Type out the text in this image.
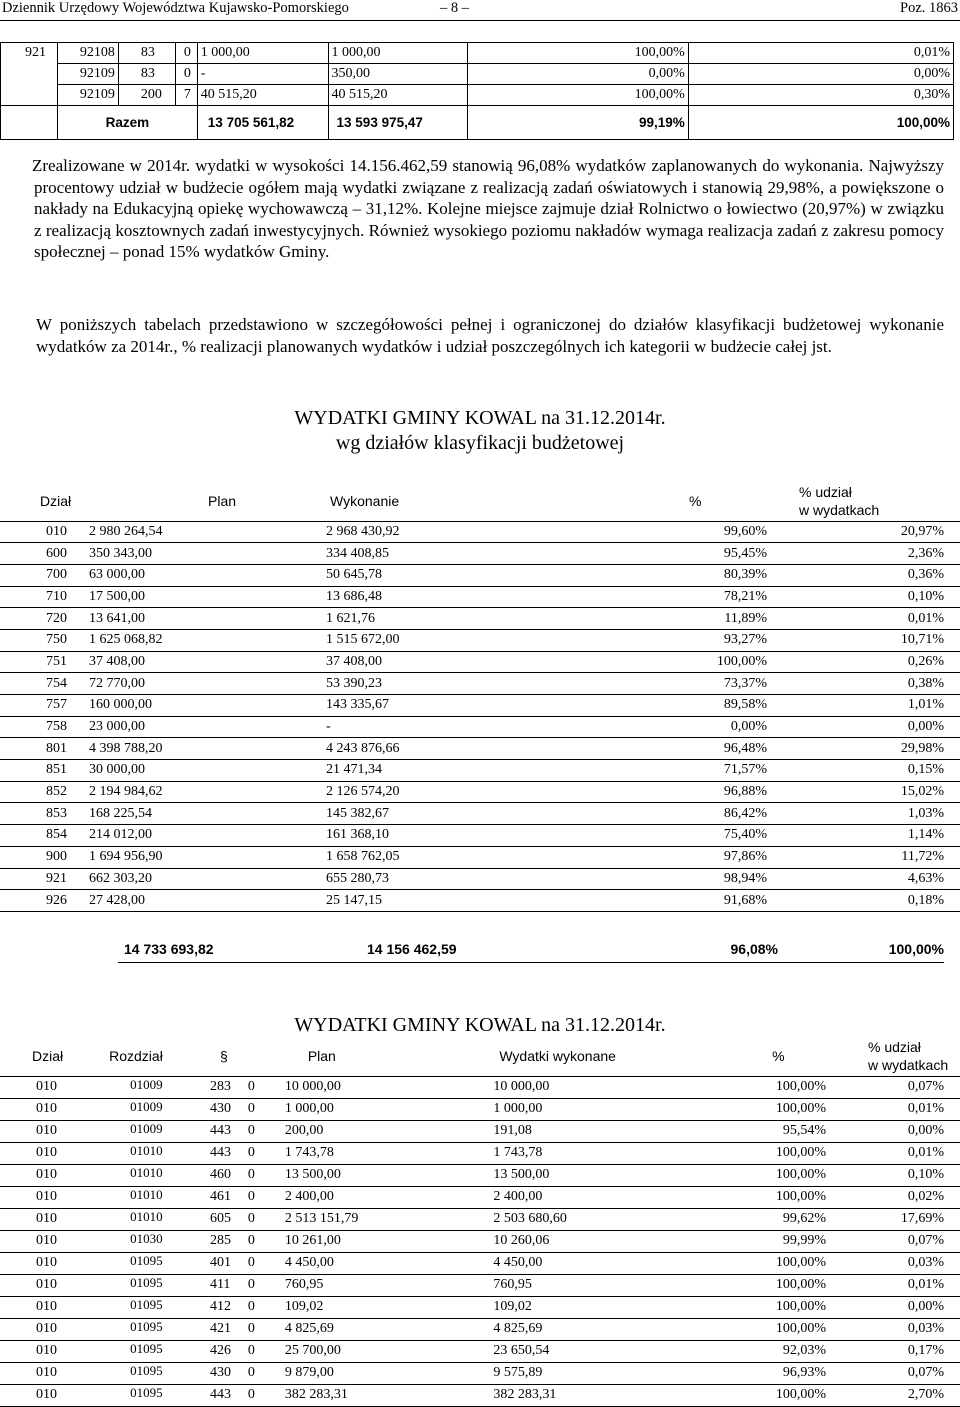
Dziennik Urzędowy Województwa Kujawsko-Pomorskiego	– 8 –	Poz. 1863
921	92108	83	0	1 000,00	1 000,00	100,00%	0,01%
	92109	83	0	-	350,00	0,00%	0,00%
	92109	200	7	40 515,20	40 515,20	100,00%	0,30%
	Razem			13 705 561,82	13 593 975,47	99,19%	100,00%

Zrealizowane w 2014r. wydatki w wysokości 14.156.462,59 stanowią 96,08% wydatków zaplanowanych do wykonania. Najwyższy procentowy udział w budżecie ogółem mają wydatki związane z realizacją zadań oświatowych i stanowią 29,98%, a powiększone o nakłady na Edukacyjną opiekę wychowawczą – 31,12%. Kolejne miejsce zajmuje dział Rolnictwo o łowiectwo (20,97%) w związku z realizacją kosztownych zadań inwestycyjnych. Również wysokiego poziomu nakładów wymaga realizacja zadań z zakresu pomocy społecznej – ponad 15% wydatków Gminy.

W poniższych tabelach przedstawiono w szczegółowości pełnej i ograniczonej do działów klasyfikacji budżetowej wykonanie wydatków za 2014r., % realizacji planowanych wydatków i udział poszczególnych ich kategorii w budżecie całej jst.

WYDATKI GMINY KOWAL na 31.12.2014r.
wg działów klasyfikacji budżetowej
Dział	Plan	Wykonanie	%	% udział
w wydatkach

010	2 980 264,54	2 968 430,92	99,60%	20,97%
600	350 343,00	334 408,85	95,45%	2,36%
700	63 000,00	50 645,78	80,39%	0,36%
710	17 500,00	13 686,48	78,21%	0,10%
720	13 641,00	1 621,76	11,89%	0,01%
750	1 625 068,82	1 515 672,00	93,27%	10,71%
751	37 408,00	37 408,00	100,00%	0,26%
754	72 770,00	53 390,23	73,37%	0,38%
757	160 000,00	143 335,67	89,58%	1,01%
758	23 000,00	-	0,00%	0,00%
801	4 398 788,20	4 243 876,66	96,48%	29,98%
851	30 000,00	21 471,34	71,57%	0,15%
852	2 194 984,62	2 126 574,20	96,88%	15,02%
853	168 225,54	145 382,67	86,42%	1,03%
854	214 012,00	161 368,10	75,40%	1,14%
900	1 694 956,90	1 658 762,05	97,86%	11,72%
921	662 303,20	655 280,73	98,94%	4,63%
926	27 428,00	25 147,15	91,68%	0,18%
14 733 693,82	14 156 462,59	96,08%	100,00%
WYDATKI GMINY KOWAL na 31.12.2014r.
Dział	Rozdział	§		Plan	Wydatki wykonane	%	% udział
w wydatkach

010	01009	283	0	10 000,00	10 000,00	100,00%	0,07%
010	01009	430	0	1 000,00	1 000,00	100,00%	0,01%
010	01009	443	0	200,00	191,08	95,54%	0,00%
010	01010	443	0	1 743,78	1 743,78	100,00%	0,01%
010	01010	460	0	13 500,00	13 500,00	100,00%	0,10%
010	01010	461	0	2 400,00	2 400,00	100,00%	0,02%
010	01010	605	0	2 513 151,79	2 503 680,60	99,62%	17,69%
010	01030	285	0	10 261,00	10 260,06	99,99%	0,07%
010	01095	401	0	4 450,00	4 450,00	100,00%	0,03%
010	01095	411	0	760,95	760,95	100,00%	0,01%
010	01095	412	0	109,02	109,02	100,00%	0,00%
010	01095	421	0	4 825,69	4 825,69	100,00%	0,03%
010	01095	426	0	25 700,00	23 650,54	92,03%	0,17%
010	01095	430	0	9 879,00	9 575,89	96,93%	0,07%
010	01095	443	0	382 283,31	382 283,31	100,00%	2,70%
